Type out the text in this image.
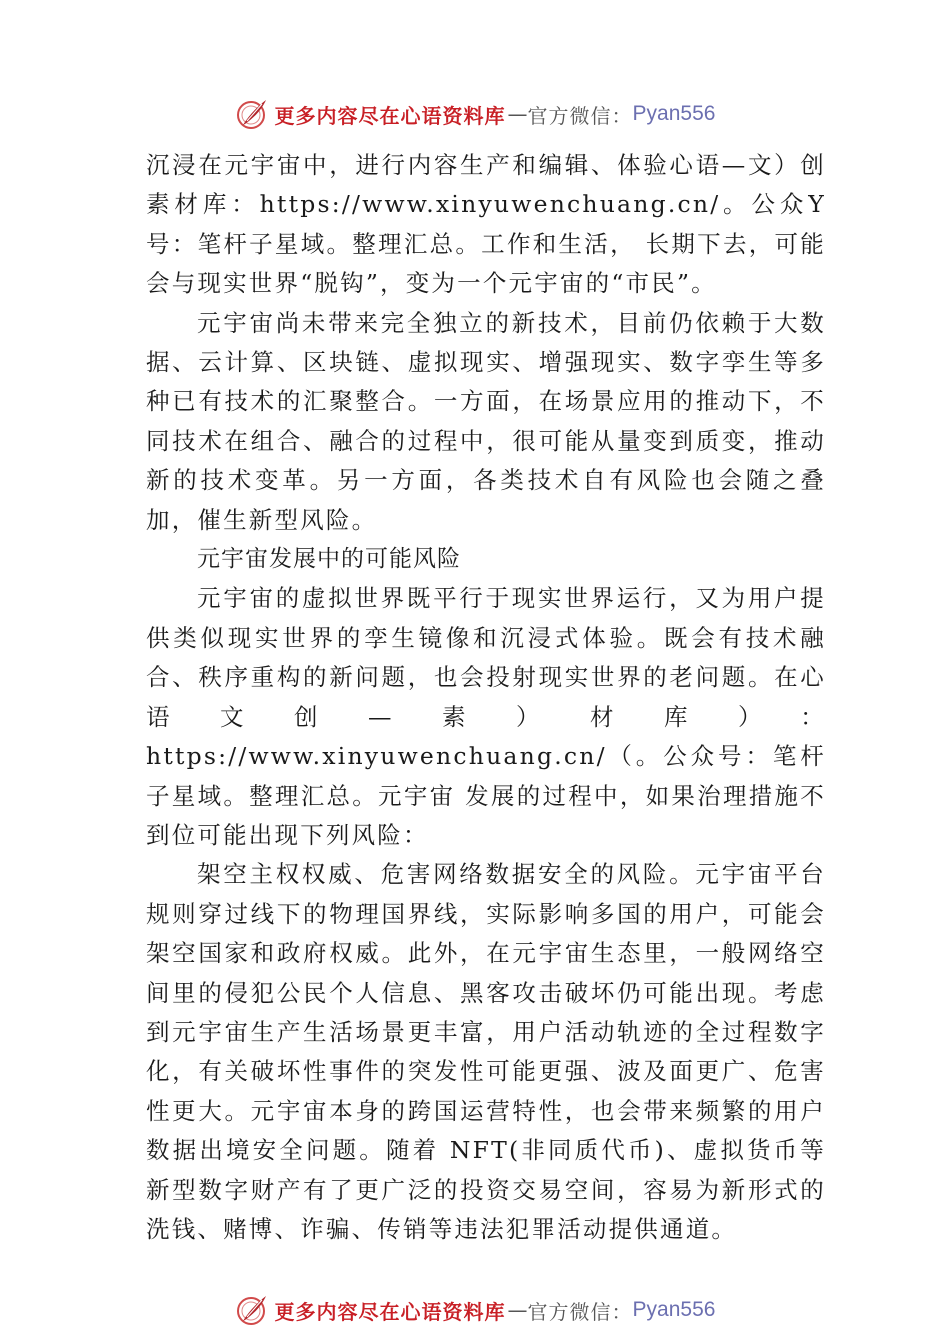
更多内容尽在心语资料库 — 官方微信 ： Pyan556

沉浸在元宇宙中，进行内容生产和编辑、体验心语—文）创素材库：https://www.xinyuwenchuang.cn/。公众Y号：笔杆子星域。整理汇总。工作和生活， 长期下去，可能会与现实世界“脱钩”，变为一个元宇宙的“市民”。

元宇宙尚未带来完全独立的新技术，目前仍依赖于大数据、云计算、区块链、虚拟现实、增强现实、数字孪生等多种已有技术的汇聚整合。一方面，在场景应用的推动下，不同技术在组合、融合的过程中，很可能从量变到质变，推动新的技术变革。另一方面，各类技术自有风险也会随之叠加，催生新型风险。

元宇宙发展中的可能风险

元宇宙的虚拟世界既平行于现实世界运行，又为用户提供类似现实世界的孪生镜像和沉浸式体验。既会有技术融合、秩序重构的新问题，也会投射现实世界的老问题。在心语文创—素）材库）：https://www.xinyuwenchuang.cn/（。公众号：笔杆子星域。整理汇总。元宇宙 发展的过程中，如果治理措施不到位可能出现下列风险：

架空主权权威、危害网络数据安全的风险。元宇宙平台规则穿过线下的物理国界线，实际影响多国的用户，可能会架空国家和政府权威。此外，在元宇宙生态里，一般网络空间里的侵犯公民个人信息、黑客攻击破坏仍可能出现。考虑到元宇宙生产生活场景更丰富，用户活动轨迹的全过程数字化，有关破坏性事件的突发性可能更强、波及面更广、危害性更大。元宇宙本身的跨国运营特性，也会带来频繁的用户数据出境安全问题。随着 NFT(非同质代币)、虚拟货币等新型数字财产有了更广泛的投资交易空间，容易为新形式的洗钱、赌博、诈骗、传销等违法犯罪活动提供通道。

更多内容尽在心语资料库 — 官方微信 ： Pyan556
